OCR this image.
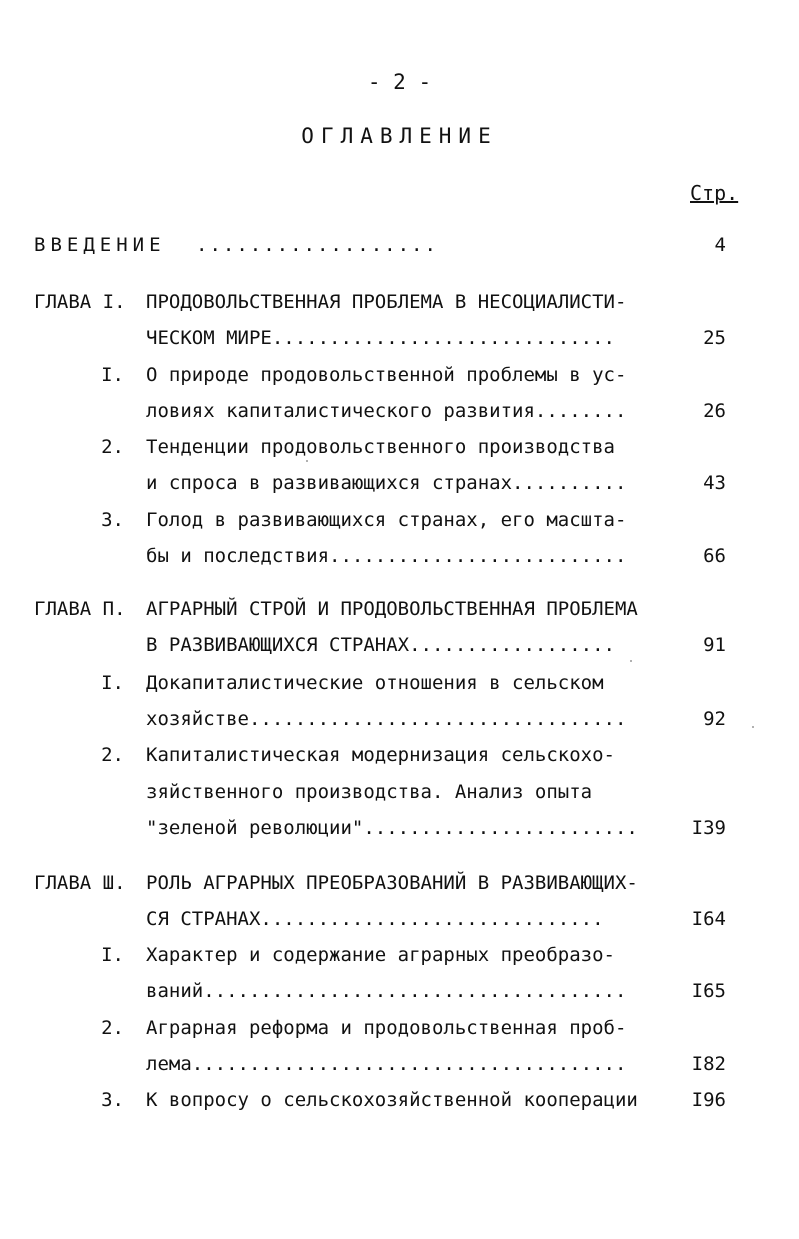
- 2 -
ОГЛАВЛЕНИЕ
Стр.
ВВЕДЕНИЕ ..................	4
ГЛАВА I. ПРОДОВОЛЬСТВЕННАЯ ПРОБЛЕМА В НЕСОЦИАЛИСТИ-
ЧЕСКОМ МИРЕ..............................	25
I. О природе продовольственной проблемы в ус-
ловиях капиталистического развития........	26
2. Тенденции продовольственного производства
и спроса в развивающихся странах..........	43
3. Голод в развивающихся странах, его масшта-
бы и последствия..........................	66
ГЛАВА П. АГРАРНЫЙ СТРОЙ И ПРОДОВОЛЬСТВЕННАЯ ПРОБЛЕМА
В РАЗВИВАЮЩИХСЯ СТРАНАХ..................	91
I. Докапиталистические отношения в сельском
хозяйстве.................................	92
2. Капиталистическая модернизация сельскохо-
зяйственного производства. Анализ опыта
"зеленой революции"........................	I39
ГЛАВА Ш. РОЛЬ АГРАРНЫХ ПРЕОБРАЗОВАНИЙ В РАЗВИВАЮЩИХ-
СЯ СТРАНАХ..............................	I64
I. Характер и содержание аграрных преобразо-
ваний.....................................	I65
2. Аграрная реформа и продовольственная проб-
лема......................................	I82
3. К вопросу о сельскохозяйственной кооперации	I96
